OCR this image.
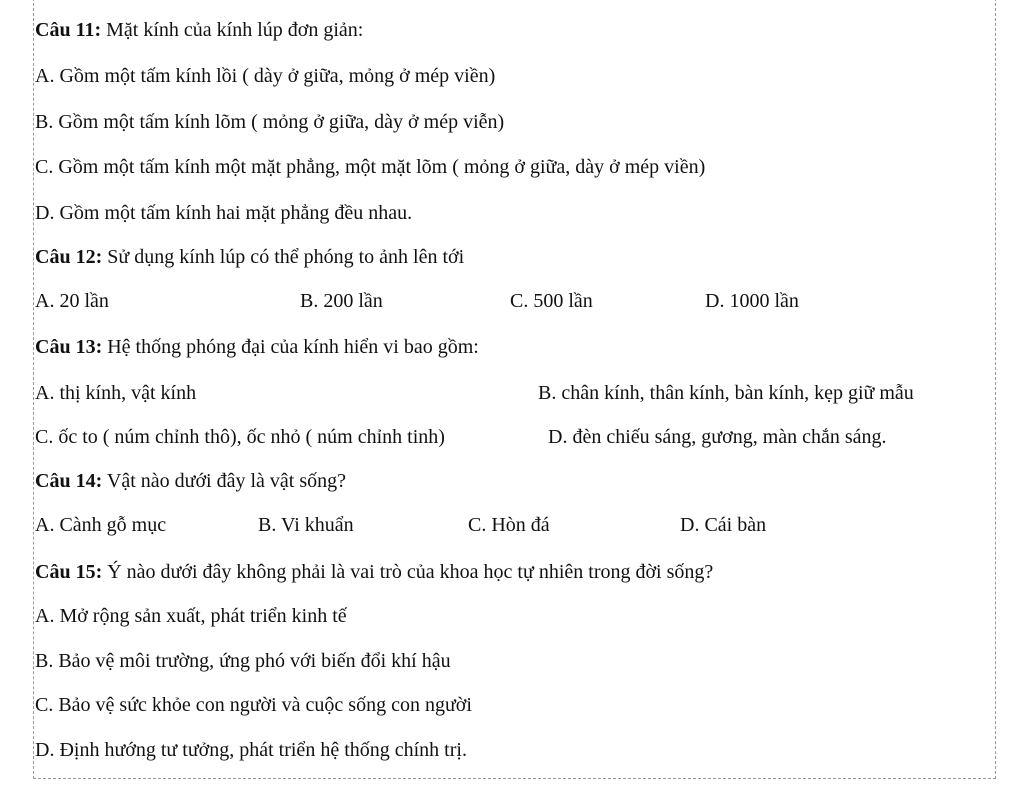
Câu 11: Mặt kính của kính lúp đơn giản:
A. Gồm một tấm kính lồi ( dày ở giữa, mỏng ở mép viền)
B. Gồm một tấm kính lõm ( mỏng ở giữa, dày ở mép viễn)
C. Gồm một tấm kính một mặt phẳng, một mặt lõm ( mỏng ở giữa, dày ở mép viền)
D. Gồm một tấm kính hai mặt phẳng đều nhau.
Câu 12: Sử dụng kính lúp có thể phóng to ảnh lên tới
A. 20 lần	B. 200 lần	C. 500 lần	D. 1000 lần
Câu 13: Hệ thống phóng đại của kính hiển vi bao gồm:
A. thị kính, vật kính	B. chân kính, thân kính, bàn kính, kẹp giữ mẫu
C. ốc to ( núm chỉnh thô), ốc nhỏ ( núm chỉnh tinh)	D. đèn chiếu sáng, gương, màn chắn sáng.
Câu 14: Vật nào dưới đây là vật sống?
A. Cành gỗ mục	B. Vi khuẩn	C. Hòn đá	D. Cái bàn
Câu 15: Ý nào dưới đây không phải là vai trò của khoa học tự nhiên trong đời sống?
A. Mở rộng sản xuất, phát triển kinh tế
B. Bảo vệ môi trường, ứng phó với biến đổi khí hậu
C. Bảo vệ sức khỏe con người và cuộc sống con người
D. Định hướng tư tưởng, phát triển hệ thống chính trị.
